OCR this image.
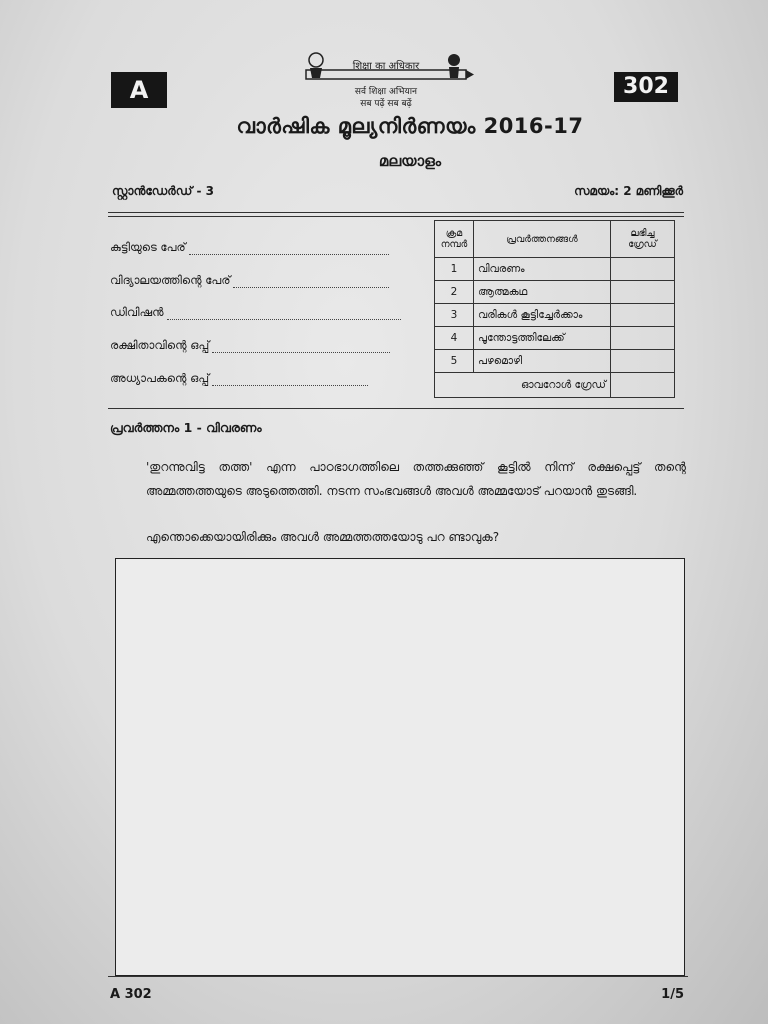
A
शिक्षा का अधिकार
सर्व शिक्षा अभियान
सब पढ़ें सब बढ़ें
302
വാർഷിക മൂല്യനിർണയം 2016-17
മലയാളം
സ്റ്റാൻഡേർഡ് - 3	സമയം: 2 മണിക്കൂർ
കുട്ടിയുടെ പേര്
വിദ്യാലയത്തിന്റെ പേര്
ഡിവിഷൻ
രക്ഷിതാവിന്റെ ഒപ്പ്
അധ്യാപകന്റെ ഒപ്പ്
ക്രമ നമ്പർ	പ്രവർത്തനങ്ങൾ	ലഭിച്ച ഗ്രേഡ്
1	വിവരണം	
2	ആത്മകഥ	
3	വരികൾ കൂട്ടിച്ചേർക്കാം	
4	പൂന്തോട്ടത്തിലേക്ക്	
5	പഴമൊഴി	
ഓവറോൾ ഗ്രേഡ്		
പ്രവർത്തനം 1 - വിവരണം
'തുറന്നുവിട്ട തത്ത' എന്ന പാഠഭാഗത്തിലെ തത്തക്കുഞ്ഞ് കൂട്ടിൽ നിന്ന് രക്ഷപ്പെട്ട് തന്റെ അമ്മത്തത്തയുടെ അടുത്തെത്തി. നടന്ന സംഭവങ്ങൾ അവൾ അമ്മയോട് പറയാൻ തുടങ്ങി.
എന്തൊക്കെയായിരിക്കും അവൾ അമ്മത്തത്തയോടു പറ ണ്ടാവുക?
A 302	1/5
